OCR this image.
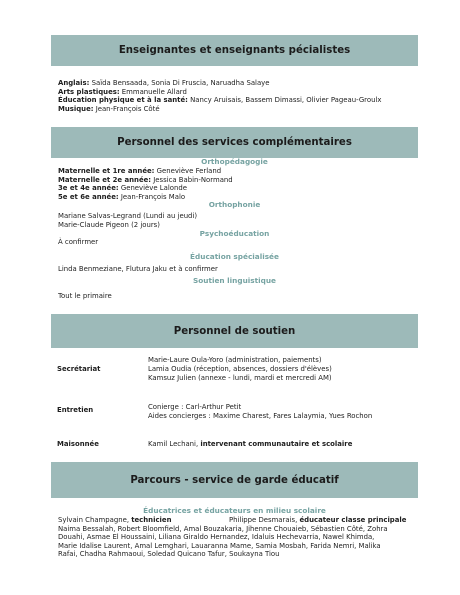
Enseignantes et enseignants pécialistes
Anglais: Saïda Bensaada, Sonia Di Fruscia, Naruadha Salaye
Arts plastiques: Emmanuelle Allard
Éducation physique et à la santé: Nancy Aruisais, Bassem Dimassi, Olivier Pageau-Groulx
Musique: Jean-François Côté
Personnel des services complémentaires
Orthopédagogie
Maternelle et 1re année: Geneviève Ferland
Maternelle et 2e année: Jessica Babin-Normand
3e et 4e année: Geneviève Lalonde
5e et 6e année: Jean-François Malo
Orthophonie
Mariane Salvas-Legrand (Lundi au jeudi)
Marie-Claude Pigeon (2 jours)
À confirmer
Psychoéducation
Éducation spécialisée
Linda Benmeziane, Flutura Jaku et à confirmer
Soutien linguistique
Tout le primaire
Personnel de soutien
Secrétariat
Marie-Laure Oula-Yoro (administration, paiements)
Lamia Oudia (réception, absences, dossiers d'élèves)
Kamsuz Julien (annexe - lundi, mardi et mercredi AM)
Entretien	Conierge : Carl-Arthur Petit
Aides concierges : Maxime Charest, Fares Lalaymia, Yues Rochon
Maisonnée	Kamil Lechani, intervenant communautaire et scolaire
Parcours - service de garde éducatif
Éducatrices et éducateurs en milieu scolaire
Sylvain Champagne, technicien	Philippe Desmarais, éducateur classe principale
Naima Bessalah, Robert Bloomfield, Amal Bouzakaria, Jihenne Chouaieb, Sébastien Côté, Zohra
Douahi, Asmae El Houssaini, Liliana Giraldo Hernandez, Idaluis Hechevarria, Nawel Khimda,
Marie Idalise Laurent, Amal Lemghari, Lauaranna Mame, Samia Mosbah, Farida Nemri, Malika
Rafai, Chadha Rahmaoui, Soledad Quicano Tafur, Soukayna Tiou
